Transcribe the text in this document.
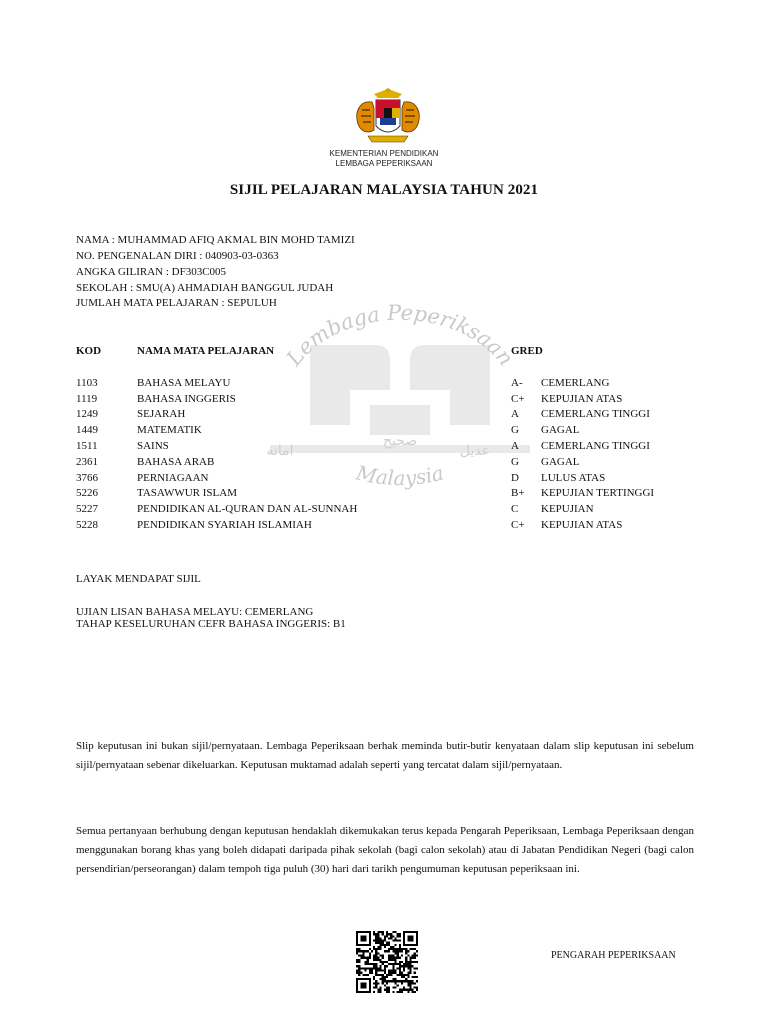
Lembaga Peperiksaan
Malaysia
صحيح
امانه	عديل
KEMENTERIAN PENDIDIKAN
LEMBAGA PEPERIKSAAN
SIJIL PELAJARAN MALAYSIA TAHUN 2021
NAMA : MUHAMMAD AFIQ AKMAL BIN MOHD TAMIZI
NO. PENGENALAN DIRI : 040903-03-0363
ANGKA GILIRAN : DF303C005
SEKOLAH : SMU(A) AHMADIAH BANGGUL JUDAH
JUMLAH MATA PELAJARAN : SEPULUH
KOD	NAMA MATA PELAJARAN	GRED
1103	BAHASA MELAYU	A- CEMERLANG
1119	BAHASA INGGERIS	C+ KEPUJIAN ATAS
1249	SEJARAH	A CEMERLANG TINGGI
1449	MATEMATIK	G GAGAL
1511	SAINS	A CEMERLANG TINGGI
2361	BAHASA ARAB	G GAGAL
3766	PERNIAGAAN	D LULUS ATAS
5226	TASAWWUR ISLAM	B+ KEPUJIAN TERTINGGI
5227	PENDIDIKAN AL-QURAN DAN AL-SUNNAH	C KEPUJIAN
5228	PENDIDIKAN SYARIAH ISLAMIAH	C+ KEPUJIAN ATAS
LAYAK MENDAPAT SIJIL
UJIAN LISAN BAHASA MELAYU: CEMERLANG
TAHAP KESELURUHAN CEFR BAHASA INGGERIS: B1
Slip keputusan ini bukan sijil/pernyataan. Lembaga Peperiksaan berhak meminda butir-butir kenyataan dalam slip keputusan ini sebelum sijil/pernyataan sebenar dikeluarkan. Keputusan muktamad adalah seperti yang tercatat dalam sijil/pernyataan.
Semua pertanyaan berhubung dengan keputusan hendaklah dikemukakan terus kepada Pengarah Peperiksaan, Lembaga Peperiksaan dengan menggunakan borang khas yang boleh didapati daripada pihak sekolah (bagi calon sekolah) atau di Jabatan Pendidikan Negeri (bagi calon persendirian/perseorangan) dalam tempoh tiga puluh (30) hari dari tarikh pengumuman keputusan peperiksaan ini.
PENGARAH PEPERIKSAAN
